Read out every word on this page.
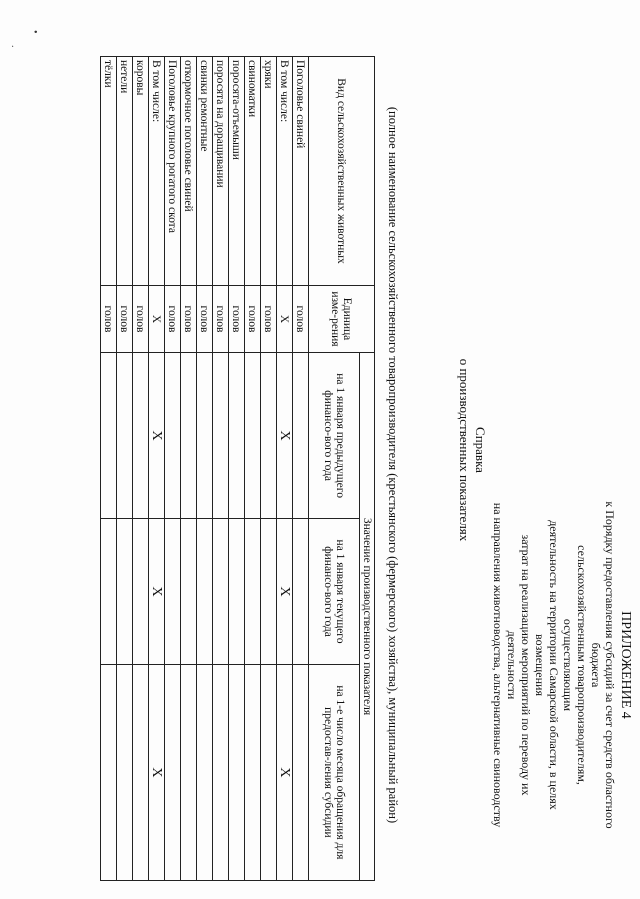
ПРИЛОЖЕНИЕ 4
к Порядку предоставления субсидий за счет средств областного бюджета
сельскохозяйственным товаропроизводителям, осуществляющим
деятельность на территории Самарской области, в целях возмещения
затрат на реализацию мероприятий по переводу их деятельности
на направления животноводства, альтернативные свиноводству
Справка
о производственных показателях
(полное наименование сельскохозяйственного товаропроизводителя (крестьянского (фермерского) хозяйства), муниципальный район)
Вид сельскохозяйственных животных	Единица изме-рения	Значение производственного показателя		
		на 1 января предыдущего финансо-вого года	на 1 января текущего финансо-вого года	на 1-е число месяца обращения для предостав-ления субсидии
Поголовье свиней	голов			
В том числе:	X	X	X	X
хряки	голов			
свиноматки	голов			
поросята-отъемыши	голов			
поросята на доращивании	голов			
свинки ремонтные	голов			
откормочное поголовье свиней	голов			
Поголовье крупного рогатого скота	голов			
В том числе:	X	X	X	X
коровы	голов			
нетели	голов			
тёлки	голов			
•
.
